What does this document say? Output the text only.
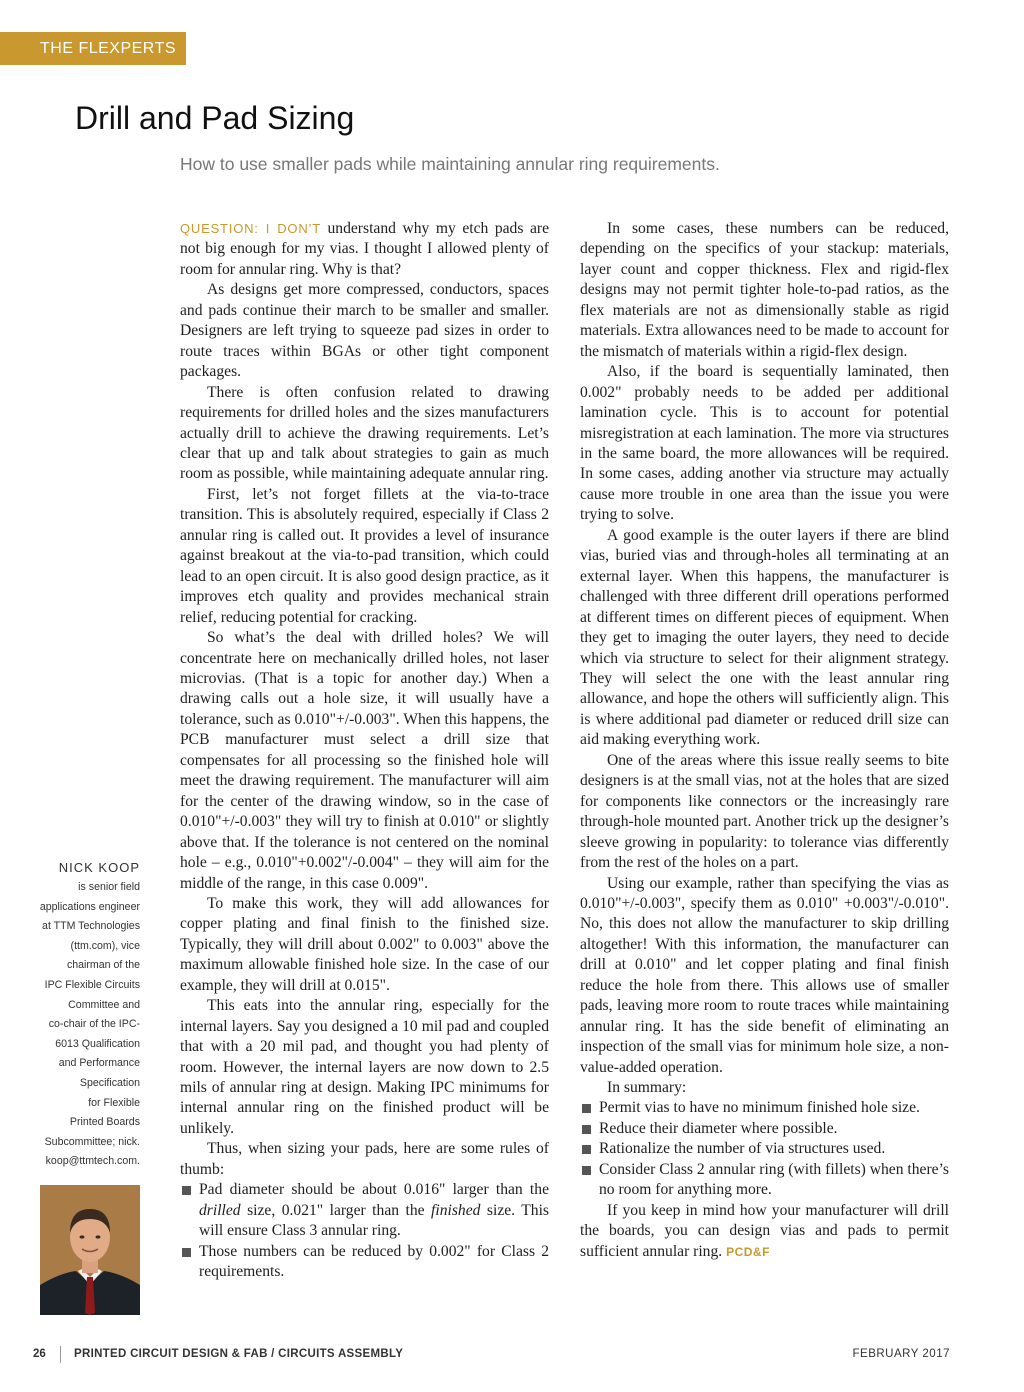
THE FLEXPERTS
Drill and Pad Sizing
How to use smaller pads while maintaining annular ring requirements.

QUESTION: I DON’T understand why my etch pads are not big enough for my vias. I thought I allowed plenty of room for annular ring. Why is that?

As designs get more compressed, conductors, spaces and pads continue their march to be smaller and smaller. Designers are left trying to squeeze pad sizes in order to route traces within BGAs or other tight component packages.

There is often confusion related to drawing requirements for drilled holes and the sizes manufacturers actually drill to achieve the drawing requirements. Let’s clear that up and talk about strategies to gain as much room as possible, while maintaining adequate annular ring.

First, let’s not forget fillets at the via-to-trace transition. This is absolutely required, especially if Class 2 annular ring is called out. It provides a level of insurance against breakout at the via-to-pad transition, which could lead to an open circuit. It is also good design practice, as it improves etch quality and provides mechanical strain relief, reducing potential for cracking.

So what’s the deal with drilled holes? We will concentrate here on mechanically drilled holes, not laser microvias. (That is a topic for another day.) When a drawing calls out a hole size, it will usually have a tolerance, such as 0.010"+/-0.003". When this happens, the PCB manufacturer must select a drill size that compensates for all processing so the finished hole will meet the drawing requirement. The manufacturer will aim for the center of the drawing window, so in the case of 0.010"+/-0.003" they will try to finish at 0.010" or slightly above that. If the tolerance is not centered on the nominal hole – e.g., 0.010"+0.002"/-0.004" – they will aim for the middle of the range, in this case 0.009".

To make this work, they will add allowances for copper plating and final finish to the finished size. Typically, they will drill about 0.002" to 0.003" above the maximum allowable finished hole size. In the case of our example, they will drill at 0.015".

This eats into the annular ring, especially for the internal layers. Say you designed a 10 mil pad and coupled that with a 20 mil pad, and thought you had plenty of room. However, the internal layers are now down to 2.5 mils of annular ring at design. Making IPC minimums for internal annular ring on the finished product will be unlikely.

Thus, when sizing your pads, here are some rules of thumb:

Pad diameter should be about 0.016" larger than the drilled size, 0.021" larger than the finished size. This will ensure Class 3 annular ring.
Those numbers can be reduced by 0.002" for Class 2 requirements.

In some cases, these numbers can be reduced, depending on the specifics of your stackup: materials, layer count and copper thickness. Flex and rigid-flex designs may not permit tighter hole-to-pad ratios, as the flex materials are not as dimensionally stable as rigid materials. Extra allowances need to be made to account for the mismatch of materials within a rigid-flex design.

Also, if the board is sequentially laminated, then 0.002" probably needs to be added per additional lamination cycle. This is to account for potential misregistration at each lamination. The more via structures in the same board, the more allowances will be required. In some cases, adding another via structure may actually cause more trouble in one area than the issue you were trying to solve.

A good example is the outer layers if there are blind vias, buried vias and through-holes all terminating at an external layer. When this happens, the manufacturer is challenged with three different drill operations performed at different times on different pieces of equipment. When they get to imaging the outer layers, they need to decide which via structure to select for their alignment strategy. They will select the one with the least annular ring allowance, and hope the others will sufficiently align. This is where additional pad diameter or reduced drill size can aid making everything work.

One of the areas where this issue really seems to bite designers is at the small vias, not at the holes that are sized for components like connectors or the increasingly rare through-hole mounted part. Another trick up the designer’s sleeve growing in popularity: to tolerance vias differently from the rest of the holes on a part.

Using our example, rather than specifying the vias as 0.010"+/-0.003", specify them as 0.010" +0.003"/-0.010". No, this does not allow the manufacturer to skip drilling altogether! With this information, the manufacturer can drill at 0.010" and let copper plating and final finish reduce the hole from there. This allows use of smaller pads, leaving more room to route traces while maintaining annular ring. It has the side benefit of eliminating an inspection of the small vias for minimum hole size, a non-value-added operation.

In summary:

Permit vias to have no minimum finished hole size.
Reduce their diameter where possible.
Rationalize the number of via structures used.
Consider Class 2 annular ring (with fillets) when there’s no room for anything more.

If you keep in mind how your manufacturer will drill the boards, you can design vias and pads to permit sufficient annular ring. PCD&F

NICK KOOP
is senior field
applications engineer
at TTM Technologies
(ttm.com), vice
chairman of the
IPC Flexible Circuits
Committee and
co-chair of the IPC-
6013 Qualification
and Performance
Specification
for Flexible
Printed Boards
Subcommittee; nick.
koop@ttmtech.com.
26 PRINTED CIRCUIT DESIGN & FAB / CIRCUITS ASSEMBLY	FEBRUARY 2017
